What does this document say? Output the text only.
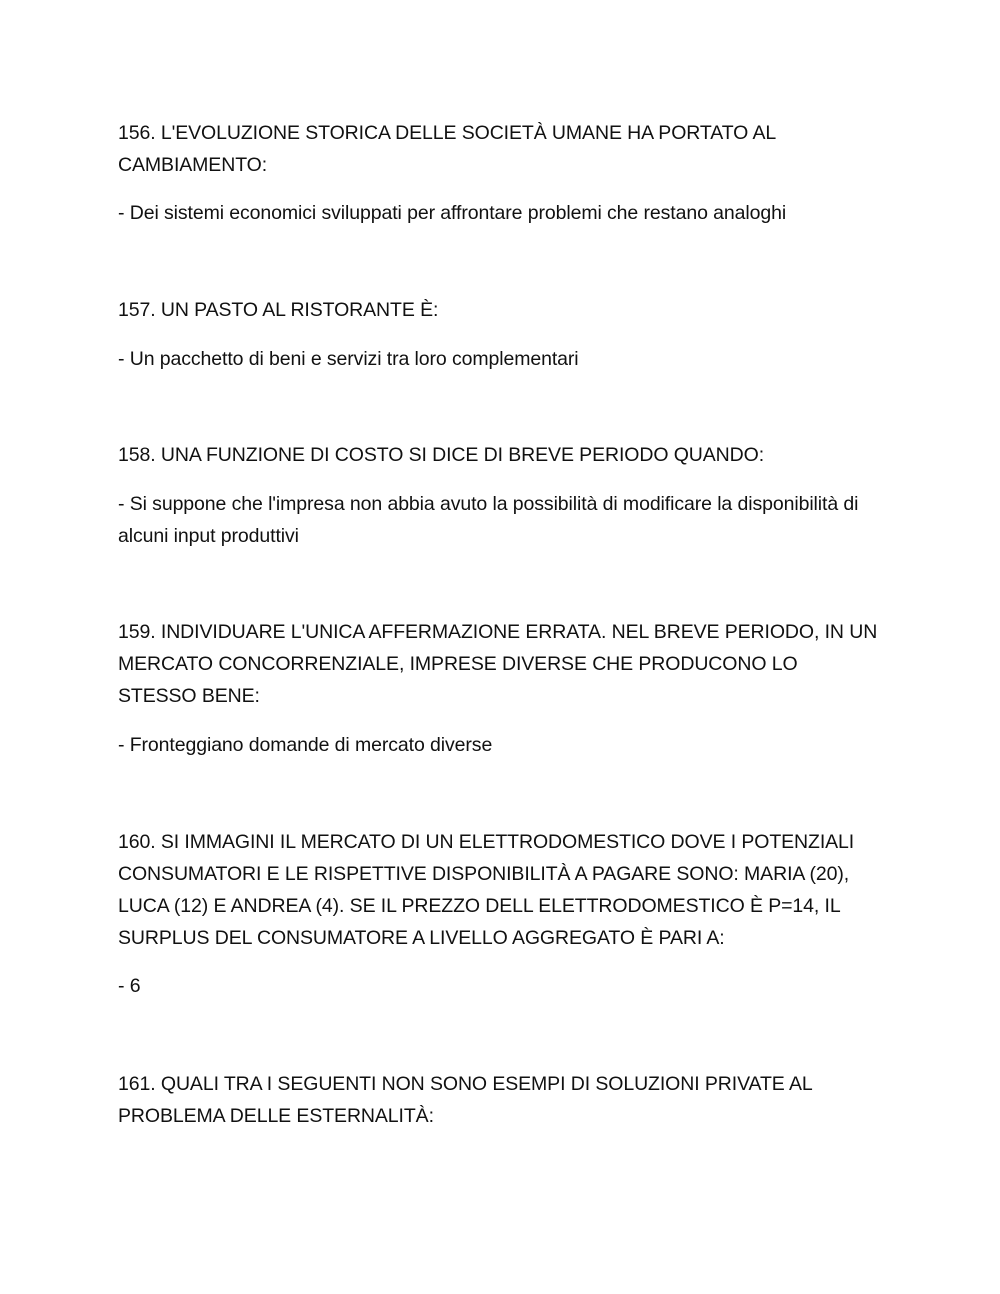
156. L'EVOLUZIONE STORICA DELLE SOCIETÀ UMANE HA PORTATO AL CAMBIAMENTO:
- Dei sistemi economici sviluppati per affrontare problemi che restano analoghi
157. UN PASTO AL RISTORANTE È:
- Un pacchetto di beni e servizi tra loro complementari
158. UNA FUNZIONE DI COSTO SI DICE DI BREVE PERIODO QUANDO:
- Si suppone che l'impresa non abbia avuto la possibilità di modificare la disponibilità di alcuni input produttivi
159. INDIVIDUARE L'UNICA AFFERMAZIONE ERRATA. NEL BREVE PERIODO, IN UN MERCATO CONCORRENZIALE, IMPRESE DIVERSE CHE PRODUCONO LO STESSO BENE:
- Fronteggiano domande di mercato diverse
160. SI IMMAGINI IL MERCATO DI UN ELETTRODOMESTICO DOVE I POTENZIALI CONSUMATORI E LE RISPETTIVE DISPONIBILITÀ A PAGARE SONO: MARIA (20), LUCA (12) E ANDREA (4). SE IL PREZZO DELL ELETTRODOMESTICO È P=14, IL SURPLUS DEL CONSUMATORE A LIVELLO AGGREGATO È PARI A:
- 6
161. QUALI TRA I SEGUENTI NON SONO ESEMPI DI SOLUZIONI PRIVATE AL PROBLEMA DELLE ESTERNALITÀ:
